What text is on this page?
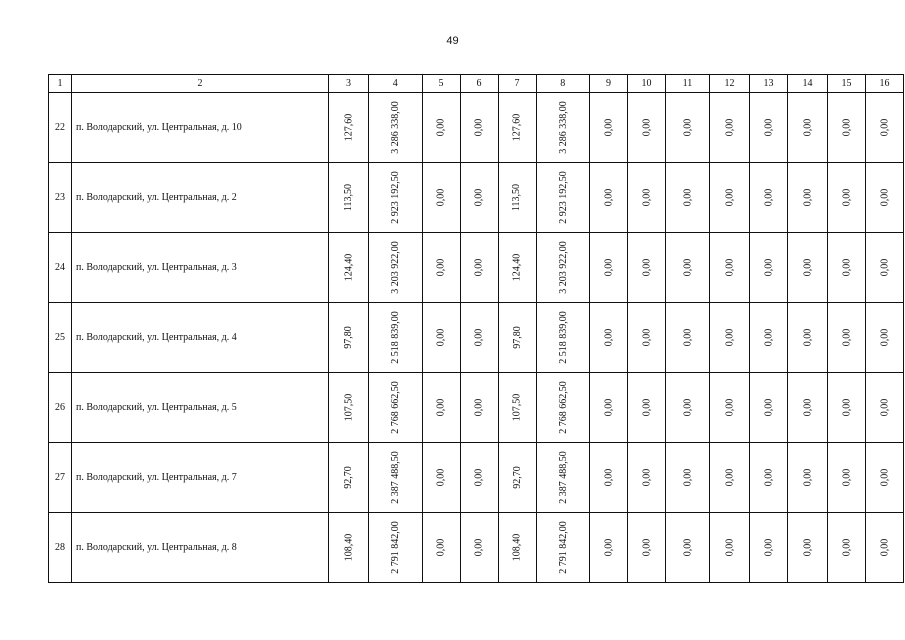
49
1	2	3	4	5	6	7	8	9	10	11	12	13	14	15	16
22	п. Володарский, ул. Центральная, д. 10	127,60	3 286 338,00	0,00	0,00	127,60	3 286 338,00	0,00	0,00	0,00	0,00	0,00	0,00	0,00	0,00
23	п. Володарский, ул. Центральная, д. 2	113,50	2 923 192,50	0,00	0,00	113,50	2 923 192,50	0,00	0,00	0,00	0,00	0,00	0,00	0,00	0,00
24	п. Володарский, ул. Центральная, д. 3	124,40	3 203 922,00	0,00	0,00	124,40	3 203 922,00	0,00	0,00	0,00	0,00	0,00	0,00	0,00	0,00
25	п. Володарский, ул. Центральная, д. 4	97,80	2 518 839,00	0,00	0,00	97,80	2 518 839,00	0,00	0,00	0,00	0,00	0,00	0,00	0,00	0,00
26	п. Володарский, ул. Центральная, д. 5	107,50	2 768 662,50	0,00	0,00	107,50	2 768 662,50	0,00	0,00	0,00	0,00	0,00	0,00	0,00	0,00
27	п. Володарский, ул. Центральная, д. 7	92,70	2 387 488,50	0,00	0,00	92,70	2 387 488,50	0,00	0,00	0,00	0,00	0,00	0,00	0,00	0,00
28	п. Володарский, ул. Центральная, д. 8	108,40	2 791 842,00	0,00	0,00	108,40	2 791 842,00	0,00	0,00	0,00	0,00	0,00	0,00	0,00	0,00
